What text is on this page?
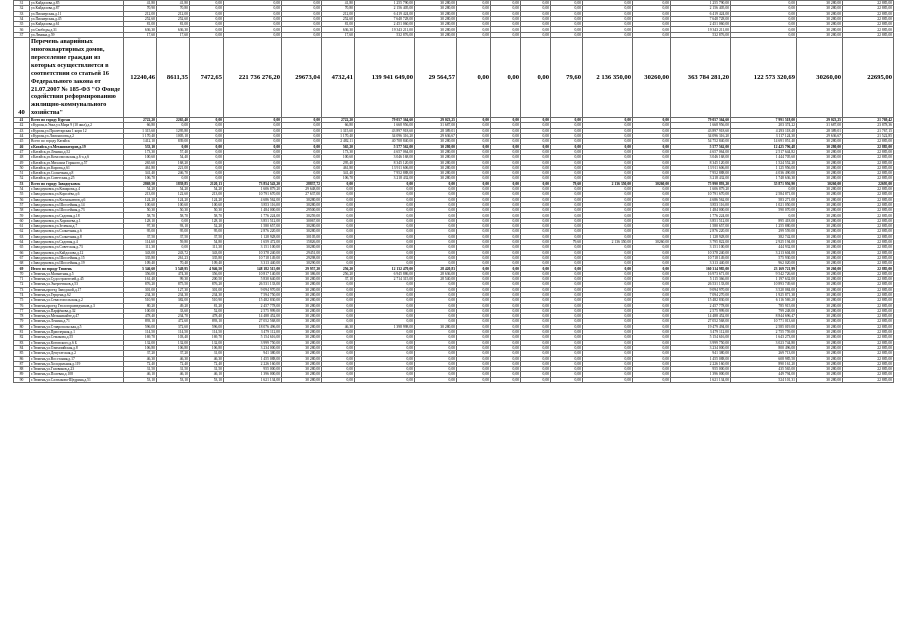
31	ул.Кайдалова,д.85	41,80	41,80	0,00	0,00	0,00	41,80	1 255 790,00	30 280,00	0,00	0,00	0,00	0,00	0,00	0,00	1 255 790,00	0,00	30 280,00	22 885,00
32	ул.Кайдалова,д.87	70,90	70,80	0,00	0,00	0,00	70,80	2 156 405,00	30 280,00	0,00	0,00	0,00	0,00	0,00	0,00	2 156 405,00	0,00	30 280,00	22 885,00
33	ул.Пионерская,д.11	212,00	212,00	0,00	0,00	0,00	212,00	6 419 424,00	30 280,00	0,00	0,00	0,00	0,00	0,00	0,00	6 419 424,00	0,00	30 280,00	22 885,00
34	ул.Пионерская,д.45	252,60	252,60	0,00	0,00	0,00	252,60	7 648 728,00	30 280,00	0,00	0,00	0,00	0,00	0,00	0,00	7 648 728,00	0,00	30 280,00	22 885,00
35	ул.Кайдалова,д.61	81,00	81,00	0,00	0,00	0,00	81,00	2 451 060,00	30 280,00	0,00	0,00	0,00	0,00	0,00	0,00	2 451 060,00	0,00	30 280,00	22 885,00
36	ул.Свободы,д.31	636,30	636,30	0,00	0,00	0,00	636,30	19 343 211,00	30 280,00	0,00	0,00	0,00	0,00	0,00	0,00	19 343 211,00	0,00	30 280,00	22 885,00
37	ул.Ленина,д.59	17,60	17,60	0,00	0,00	0,00	17,60	532 876,00	30 280,00	0,00	0,00	0,00	0,00	0,00	0,00	532 876,00	0,00	30 280,00	22 885,00
40	Перечень аварийных многоквартирных домов, переселение граждан из которых осуществляется в соответствии со статьей 16 Федерального закона от 21.07.2007 № 185-ФЗ "О Фонде содействия реформированию жилищно-коммунального хозяйства"	12240,46	8611,35	7472,65	221 736 276,20	29673,04	4732,41	139 941 649,00	29 564,57	0,00	0,00	0,00	79,60	2 136 350,00	30260,00	363 784 281,20	122 573 320,69	30260,00	22695,00
41	Всего по городу Курган	2722,20	2265,40	0,00	0,00	0,00	2722,20	79 057 364,60	29 023,25	0,00	0,00	0,00	0,00	0,00	0,00	79 057 364,60	7 991 518,00	29 023,25	21 769,42
42	г.Курган,п.Увал,ул.Мира 9 (10 жил),д.2	66,80	0,00	0,00	0,00	0,00	66,80	1 668 956,00	31 687,00	0,00	0,00	0,00	0,00	0,00	0,00	1 668 956,00	203 374,22	31 687,00	23 878,36
43	г.Курган,ул.Пролетарская 1 корп 12	1 315,60	1295,80	0,00	0,00	0,00	1 315,60	43 897 918,60	28 389,01	0,00	0,00	0,00	0,00	0,00	0,00	43 897 918,60	4 293 118,48	28 389,01	21 767,15
44	г.Курган,ул.Ломоносова,д.2	1 170,40	1005,10	0,00	0,00	0,00	1 170,40	34 096 316,20	29 636,67	0,00	0,00	0,00	0,00	0,00	0,00	34 096 316,20	3 117 124,30	29 636,67	21 522,85
45	Всего по городу Катайск	1412,10	839,00	0,00	0,00	0,00	2 482,11	40 708 840,00	30 280,00	0,00	0,00	0,00	0,00	0,00	0,00	54 752 840,00	14 691 051,40	30 280,00	22 885,00
46	г.Катайск,ул.Механизаторов,д.19	533,10	0,00	0,00	0,00	0,00	565,20	5 577 562,00	30 280,00	0,00	0,00	0,00	0,00	0,00	0,00	5 577 562,00	12 425 796,48	30 280,00	22 885,00
47	г.Катайск,ул.Ленина,д.52	173,30	57,40	0,00	0,00	0,00	173,30	4 657 064,00	30 280,00	0,00	0,00	0,00	0,00	0,00	0,00	4 657 064,00	2 517 644,82	30 280,00	22 885,00
48	г.Катайск,ул.Комсомольская,д.6 ч.д.6	100,60	54,40	0,00	0,00	0,00	100,60	3 046 168,00	30 280,00	0,00	0,00	0,00	0,00	0,00	0,00	3 046 168,00	1 444 705,60	30 280,00	22 885,00
49	г.Катайск,ул.Михаила Горького,д.57	265,60	168,20	0,00	0,00	0,00	295,40	8 345 120,00	30 280,00	0,00	0,00	0,00	0,00	0,00	0,00	8 345 120,00	1 524 552,20	30 280,00	22 885,00
50	г.Катайск,ул.Кирова,д.61	461,80	221,00	0,00	0,00	0,00	461,80	13 911 606,00	30 280,00	0,00	0,00	0,00	0,00	0,00	0,00	13 911 606,00	1 125 956,00	30 280,00	22 885,00
51	г.Катайск,ул.Солнечная,д.8	341,40	246,70	0,00	0,00	0,00	341,40	7 952 888,00	30 280,00	0,00	0,00	0,00	0,00	0,00	0,00	7 952 888,00	4 036 490,00	30 280,00	22 885,00
52	г.Катайск,ул.Советская,д.25	106,70	0,00	0,00	0,00	0,00	106,70	3 218 432,00	30 280,00	0,00	0,00	0,00	0,00	0,00	0,00	3 218 432,00	1 748 636,30	30 280,00	22 885,00
53	Всего по городу Заводоуковск	2869,50	1839,85	2120,13	73 854 543,20	28837,72	0,00	0,00	0,00	0,00	0,00	0,00	79,60	2 136 350,00	30260,00	75 990 893,20	35 871 956,90	30260,00	22695,00
54	г.Заводоуковск,ул.Комарова,д.4	54,20	54,20	54,20	1 606 879,20	29 648,00	0,00	0,00	0,00	0,00	0,00	0,00	0,00	0,00	0,00	1 606 879,20	0,00	30 280,00	22 885,00
55	г.Заводоуковск,ул.Королёва,д.6	213,00	122,60	213,00	10 791 670,00	27 637,00	0,00	0,00	0,00	0,00	0,00	0,00	0,00	0,00	0,00	10 791 670,00	2 584 871,00	30 280,00	22 885,00
56	г.Заводоуковск,ул.Космонавтов,д.6	124,20	124,20	124,20	4 686 562,00	30280,00	0,00	0,00	0,00	0,00	0,00	0,00	0,00	0,00	0,00	4 686 562,00	583 271,00	30 280,00	22 885,00
57	г.Заводоуковск,ул.Шоссейная,д.14	100,60	100,60	100,60	3 853 116,00	30280,00	0,00	0,00	0,00	0,00	0,00	0,00	0,00	0,00	0,00	3 853 116,00	1 021 050,00	30 280,00	22 885,00
58	г.Заводоуковск,ул.Шоссейная,д.73	50,30	50,30	50,30	1 484 000,00	29500,00	0,00	0,00	0,00	0,00	0,00	0,00	0,00	0,00	0,00	1 484 000,00	590 070,00	30 280,00	22 885,00
59	г.Заводоуковск,ул.Садовая,д.18	58,70	58,70	58,70	1 776 224,00	30259,00	0,00	0,00	0,00	0,00	0,00	0,00	0,00	0,00	0,00	1 776 224,00	0,00	30 280,00	22 885,00
60	г.Заводоуковск,ул.Хорошева,д.1	128,10	0,00	128,10	3 851 512,00	30067,00	0,00	0,00	0,00	0,00	0,00	0,00	0,00	0,00	0,00	3 851 512,00	895 418,00	30 280,00	22 885,00
61	г.Заводоуковск,ул.Зеленая,д.7	97,30	93,10	52,20	1 580 657,00	30280,00	0,00	0,00	0,00	0,00	0,00	0,00	0,00	0,00	0,00	1 580 657,00	1 255 880,00	30 280,00	22 885,00
62	г.Заводоуковск,ул.Солнечная,д.6	95,00	95,00	95,00	2 876 220,00	30280,00	0,00	0,00	0,00	0,00	0,00	0,00	0,00	0,00	0,00	2 876 220,00	299 559,00	30 280,00	22 885,00
63	г.Заводоуковск,ул.Солнечная,д.8	37,50	37,50	37,50	1 128 928,00	30105,00	0,00	0,00	0,00	0,00	0,00	0,00	0,00	0,00	0,00	1 128 928,00	382 742,00	30 280,00	22 885,00
64	г.Заводоуковск,ул.Садовая,д.4	114,60	59,80	54,80	1 659 472,00	15826,00	0,00	0,00	0,00	0,00	0,00	0,00	79,60	2 136 350,00	30260,00	3 795 822,00	2 925 194,00	30 280,00	22 885,00
65	г.Заводоуковск,ул.Советская,д.73	111,30	0,00	111,30	3 151 100,00	30280,00	0,00	0,00	0,00	0,00	0,00	0,00	0,00	0,00	0,00	3 151 100,00	444 932,00	30 280,00	22 885,00
66	г.Заводоуковск,ул.Кайдалова,д.12	343,00	243,72	343,00	10 378 240,00	29451,00	0,00	0,00	0,00	0,00	0,00	0,00	0,00	0,00	0,00	10 378 240,00	3 213 604,00	30 280,00	22 885,00
67	г.Заводоуковск,ул.Шоссейная,д.15	335,80	261,23	335,80	10 718 149,00	29298,00	0,00	0,00	0,00	0,00	0,00	0,00	0,00	0,00	0,00	10 718 149,00	575 930,00	30 280,00	22 885,00
68	г.Заводоуковск,ул.Шоссейная,д.19	109,40	70,40	109,40	3 313 440,00	30290,00	0,00	0,00	0,00	0,00	0,00	0,00	0,00	0,00	0,00	3 313 440,00	962 020,00	30 280,00	22 885,00
69	Итого по городу Тюмень	5 346,60	3 549,95	4 946,50	148 182 515,00	29 957,20	256,20	12 132 470,00	28 420,83	0,00	0,00	0,00	0,00	0,00	0,00	160 314 985,00	23 169 721,99	30 260,00	22 885,00
70	г.Тюмень,ул.Магнитная,д.5	356,00	474,30	356,00	10 817 140,00	30 386,00	256,20	6 945 886,00	28 636,00	0,00	0,00	0,00	0,00	0,00	0,00	16 973 671,00	9 542 726,60	30 280,00	22 885,00
71	г.Тюмень,ул.Судостроителей,д.45	161,40	99,30	200,50	5 830 640,00	30 280,00	37,10	2 714 315,00	28 540,00	0,00	0,00	0,00	0,00	0,00	0,00	5 115 366,00	1 197 632,00	30 280,00	22 885,00
72	г.Тюмень,ул.Энергетиков,д.53	876,20	875,50	876,20	26 531 133,00	30 280,00	0,00	0,00	0,00	0,00	0,00	0,00	0,00	0,00	0,00	26 531 133,00	10 893 749,60	30 280,00	22 885,00
73	г.Тюмень,проезд Заводской,д.17	301,00	127,30	301,00	9 094 970,00	30 280,00	0,00	0,00	0,00	0,00	0,00	0,00	0,00	0,00	0,00	9 094 970,00	3 520 084,00	30 280,00	22 885,00
74	г.Тюмень,ул.Герцена,д.62	234,30	234,30	234,30	7 594 750,00	30 280,00	0,00	0,00	0,00	0,00	0,00	0,00	0,00	0,00	0,00	7 094 270,00	1 925 871,38	30 280,00	22 885,00
75	г.Тюмень,ул.Севастопольская,д.2	510,90	382,00	510,90	15 482 830,00	30 280,00	0,00	0,00	0,00	0,00	0,00	0,00	0,00	0,00	0,00	15 482 830,00	6 116 569,20	30 280,00	22 885,00
76	г.Тюмень,проезд Геологоразведчиков,д.3	80,20	49,20	81,20	2 457 778,00	30 280,00	0,00	0,00	0,00	0,00	0,00	0,00	0,00	0,00	0,00	2 457 778,00	785 915,00	30 280,00	22 885,00
77	г.Тюмень,ул.Парфёнова,д.32	100,00	33,60	52,00	2 575 999,00	30 280,00	0,00	0,00	0,00	0,00	0,00	0,00	0,00	0,00	0,00	2 575 999,00	799 248,00	30 280,00	22 885,00
78	г.Тюмень,ул.Мельникайте,д.47	478,40	234,70	478,40	14 488 452,00	30 280,00	0,00	0,00	0,00	0,00	0,00	0,00	0,00	0,00	0,00	14 488 452,00	8 844 696,47	30 280,00	22 885,00
79	г.Тюмень,ул.Ленина,д.71	893,10	472,60	893,10	27 052 568,00	30 280,00	0,00	0,00	0,00	0,00	0,00	0,00	0,00	0,00	0,00	27 052 568,00	10 771 013,60	30 280,00	22 885,00
80	г.Тюмень,ул.Ставропольская,д.5	596,00	372,60	596,00	18 076 496,00	30 280,00	46,30	1 398 998,00	30 280,00	0,00	0,00	0,00	0,00	0,00	0,00	19 479 494,00	2 585 019,00	30 280,00	22 885,00
81	г.Тюмень,ул.Приозерная,д.1	114,50	114,50	114,50	3 479 112,00	30 280,00	0,00	0,00	0,00	0,00	0,00	0,00	0,00	0,00	0,00	3 479 112,00	2 755 759,00	30 280,00	22 885,00
82	г.Тюмень,ул.Семакова,д.55	169,70	103,40	169,70	5 154 616,00	30 280,00	0,00	0,00	0,00	0,00	0,00	0,00	0,00	0,00	0,00	5 154 616,00	1 643 273,00	30 280,00	22 885,00
83	г.Тюмень,ул.Котовского,д.6 Б	132,00	132,00	132,00	3 999 750,00	30 280,00	0,00	0,00	0,00	0,00	0,00	0,00	0,00	0,00	0,00	3 999 750,00	3 023 744,80	30 280,00	22 885,00
84	г.Тюмень,ул.Олимпийская,д.8	106,80	106,80	106,80	3 234 000,00	30 280,00	0,00	0,00	0,00	0,00	0,00	0,00	0,00	0,00	0,00	3 234 000,00	800 496,00	30 280,00	22 885,00
85	г.Тюмень,ул.Депутатская,д.2	37,20	37,20	31,00	941 380,00	30 280,00	0,00	0,00	0,00	0,00	0,00	0,00	0,00	0,00	0,00	941 380,00	269 713,00	30 280,00	22 885,00
86	г.Тюмень,ул.Восстания,д.17	46,30	46,30	46,30	1 455 088,00	30 280,00	0,00	0,00	0,00	0,00	0,00	0,00	0,00	0,00	0,00	1 455 088,00	608 985,50	30 280,00	22 885,00
87	г.Тюмень,ул.Холодильная,д.119	72,40	72,40	72,40	2 226 160,00	30 280,00	0,00	0,00	0,00	0,00	0,00	0,00	0,00	0,00	0,00	2 226 160,00	890 161,20	30 280,00	22 885,00
88	г.Тюмень,ул.Газовиков,д.23	31,50	31,50	31,50	955 000,00	30 280,00	0,00	0,00	0,00	0,00	0,00	0,00	0,00	0,00	0,00	955 000,00	435 565,00	30 280,00	22 885,00
89	г.Тюмень,ул.Полевая,д.108	46,10	46,10	46,10	1 396 000,00	30 280,00	0,00	0,00	0,00	0,00	0,00	0,00	0,00	0,00	0,00	1 396 000,00	449 794,00	30 280,00	22 885,00
90	г.Тюмень,ул.Салтыкова-Щедрина,д.51	53,10	53,10	53,10	1 621 134,00	30 280,00	0,00	0,00	0,00	0,00	0,00	0,00	0,00	0,00	0,00	1 621 134,00	524 101,31	30 280,00	22 885,00
